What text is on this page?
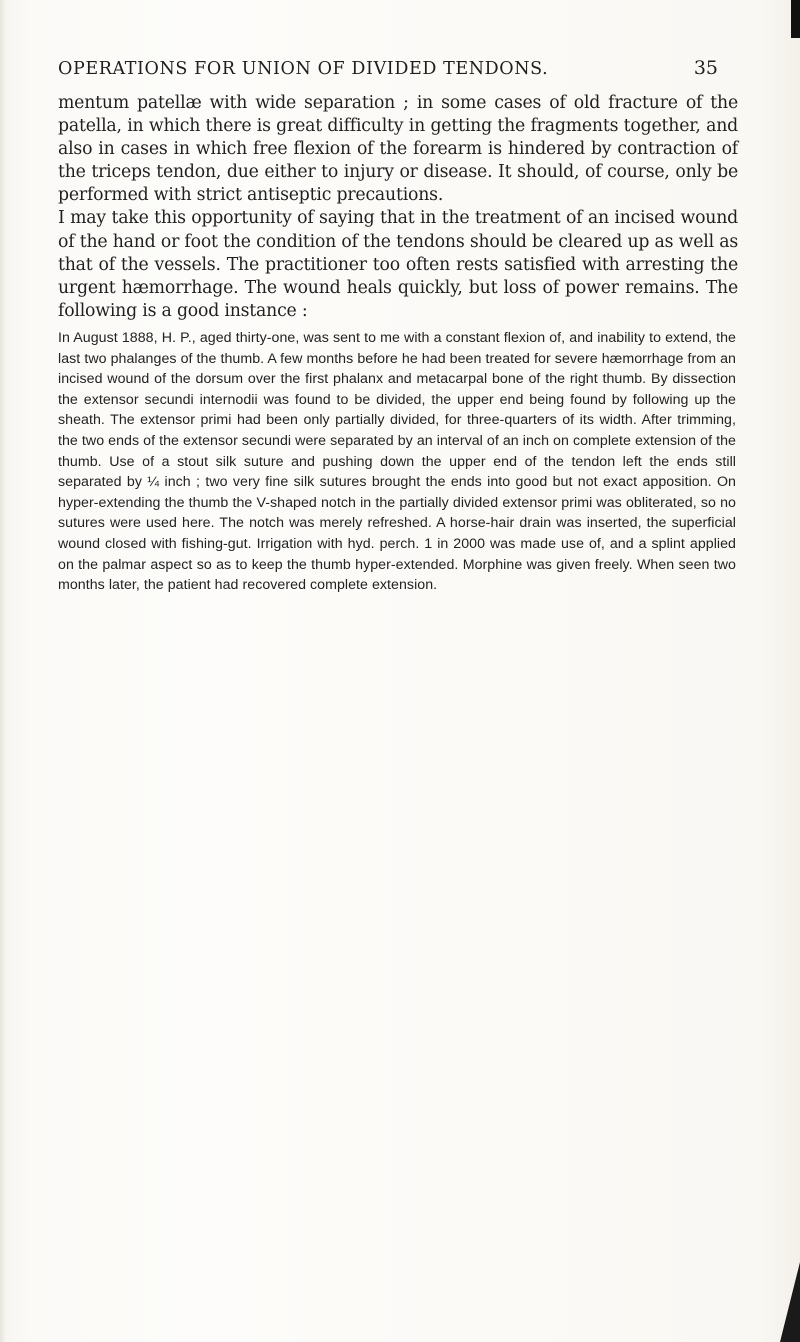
OPERATIONS FOR UNION OF DIVIDED TENDONS.	35

mentum patellæ with wide separation ; in some cases of old fracture of the patella, in which there is great difficulty in getting the fragments together, and also in cases in which free flexion of the forearm is hindered by contraction of the triceps tendon, due either to injury or disease. It should, of course, only be performed with strict antiseptic precautions.

I may take this opportunity of saying that in the treatment of an incised wound of the hand or foot the condition of the tendons should be cleared up as well as that of the vessels. The practitioner too often rests satisfied with arresting the urgent hæmorrhage. The wound heals quickly, but loss of power remains. The following is a good instance :

In August 1888, H. P., aged thirty-one, was sent to me with a constant flexion of, and inability to extend, the last two phalanges of the thumb. A few months before he had been treated for severe hæmorrhage from an incised wound of the dorsum over the first phalanx and metacarpal bone of the right thumb. By dissection the extensor secundi internodii was found to be divided, the upper end being found by following up the sheath. The extensor primi had been only partially divided, for three-quarters of its width. After trimming, the two ends of the extensor secundi were separated by an interval of an inch on complete extension of the thumb. Use of a stout silk suture and pushing down the upper end of the tendon left the ends still separated by ¼ inch ; two very fine silk sutures brought the ends into good but not exact apposition. On hyper-extending the thumb the V-shaped notch in the partially divided extensor primi was obliterated, so no sutures were used here. The notch was merely refreshed. A horse-hair drain was inserted, the superficial wound closed with fishing-gut. Irrigation with hyd. perch. 1 in 2000 was made use of, and a splint applied on the palmar aspect so as to keep the thumb hyper-extended. Morphine was given freely. When seen two months later, the patient had recovered complete extension.
